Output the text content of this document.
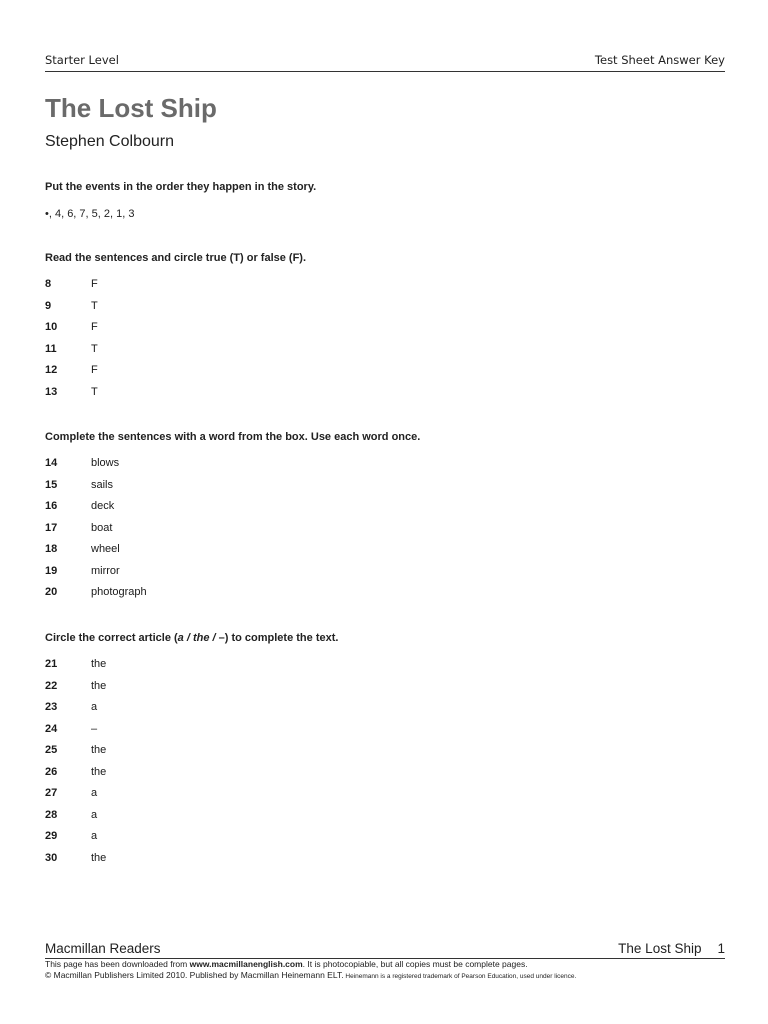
Starter Level	Test Sheet Answer Key
The Lost Ship
Stephen Colbourn
Put the events in the order they happen in the story.
•, 4, 6, 7, 5, 2, 1, 3
Read the sentences and circle true (T) or false (F).
8	F
9	T
10	F
11	T
12	F
13	T
Complete the sentences with a word from the box. Use each word once.
14	blows
15	sails
16	deck
17	boat
18	wheel
19	mirror
20	photograph
Circle the correct article (a / the / –) to complete the text.
21	the
22	the
23	a
24	–
25	the
26	the
27	a
28	a
29	a
30	the
Macmillan Readers	The Lost Ship 1
This page has been downloaded from www.macmillanenglish.com. It is photocopiable, but all copies must be complete pages.
© Macmillan Publishers Limited 2010. Published by Macmillan Heinemann ELT. Heinemann is a registered trademark of Pearson Education, used under licence.
